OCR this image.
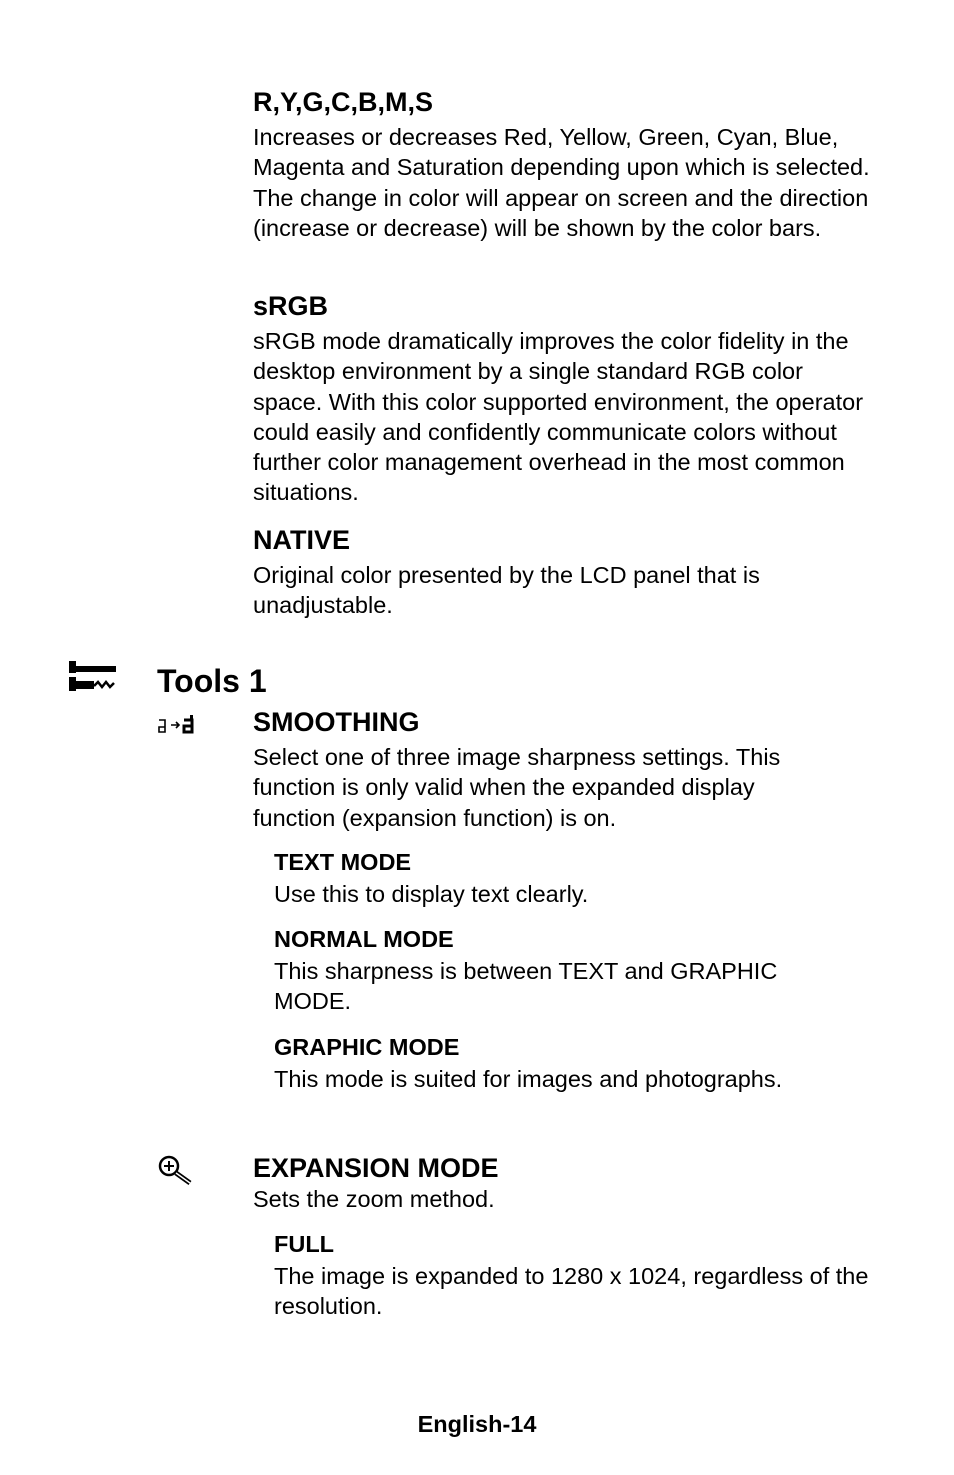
R,Y,G,C,B,M,S

Increases or decreases Red, Yellow, Green, Cyan, Blue, Magenta and Saturation depending upon which is selected. The change in color will appear on screen and the direction (increase or decrease) will be shown by the color bars.

sRGB

sRGB mode dramatically improves the color fidelity in the desktop environment by a single standard RGB color space. With this color supported environment, the operator could easily and confidently communicate colors without further color management overhead in the most common situations.

NATIVE

Original color presented by the LCD panel that is unadjustable.

Tools 1
SMOOTHING

Select one of three image sharpness settings. This function is only valid when the expanded display function (expansion function) is on.

TEXT MODE

Use this to display text clearly.

NORMAL MODE

This sharpness is between TEXT and GRAPHIC MODE.

GRAPHIC MODE

This mode is suited for images and photographs.

EXPANSION MODE

Sets the zoom method.

FULL

The image is expanded to 1280 x 1024, regardless of the resolution.

English-14
